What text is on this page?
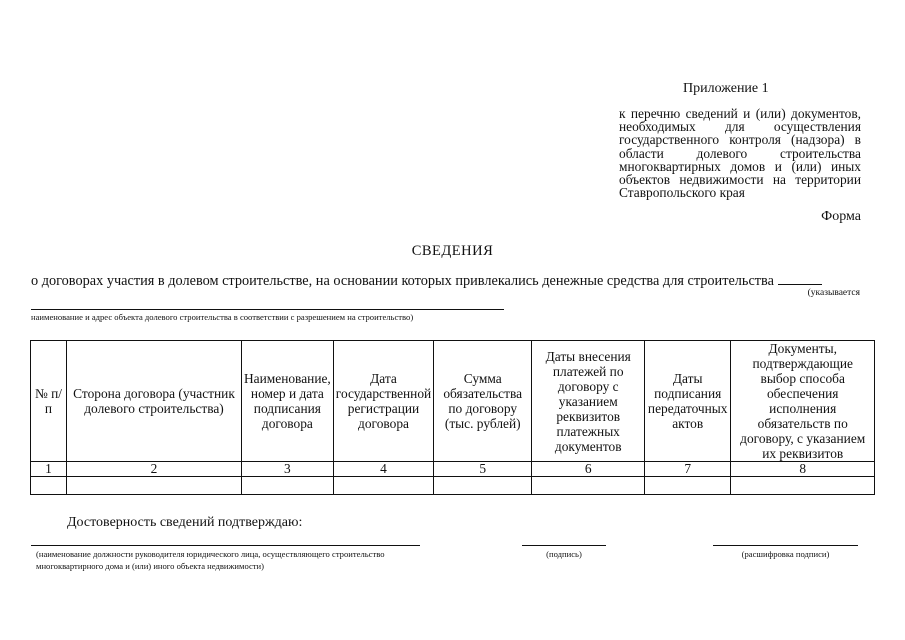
Приложение 1
к перечню сведений и (или) документов, необходимых для осуществления государственного контроля (надзора) в области долевого строительства многоквартирных домов и (или) иных объектов недвижимости на территории Ставропольского края
Форма
СВЕДЕНИЯ
о договорах участия в долевом строительстве, на основании которых привлекались денежные средства для строительства
(указывается
наименование и адрес объекта долевого строительства в соответствии с разрешением на строительство)
№ п/п	Сторона договора (участник долевого строительства)	Наименование, номер и дата подписания договора	Дата государственной регистрации договора	Сумма обязательства по договору (тыс. рублей)	Даты внесения платежей по договору с указанием реквизитов платежных документов	Даты подписания передаточных актов	Документы, подтверждающие выбор способа обеспечения исполнения обязательств по договору, с указанием их реквизитов
1	2	3	4	5	6	7	8

Достоверность сведений подтверждаю:
(наименование должности руководителя юридического лица, осуществляющего строительство многоквартирного дома и (или) иного объекта недвижимости)
(подпись)	(расшифровка подписи)
